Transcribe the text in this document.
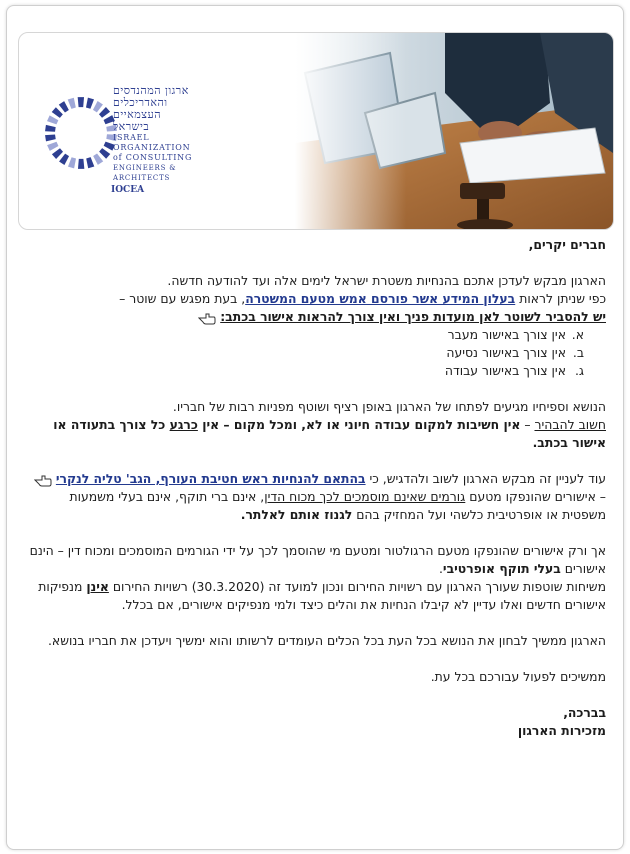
ארגון המהנדסים
והאדריכלים
העצמאיים
בישראל
ISRAEL
ORGANIZATION
of CONSULTING
ENGINEERS & ARCHITECTS
IOCEA

חברים יקרים,

הארגון מבקש לעדכן אתכם בהנחיות משטרת ישראל לימים אלה ועד להודעה חדשה.

כפי שניתן לראות בעלון המידע אשר פורסם אמש מטעם המשטרה, בעת מפגש עם שוטר –

יש להסביר לשוטר לאן מועדות פניך ואין צורך להראות אישור בכתב:

א.אין צורך באישור מעבר
ב.אין צורך באישור נסיעה
ג.אין צורך באישור עבודה

הנושא וספיחיו מגיעים לפתחו של הארגון באופן רציף ושוטף מפניות רבות של חבריו.

חשוב להבהיר – אין חשיבות למקום עבודה חיוני או לא, ומכל מקום – אין כרגע כל צורך בתעודה או אישור בכתב.

עוד לעניין זה מבקש הארגון לשוב ולהדגיש, כי בהתאם להנחיות ראש חטיבת העורף, הגב' טליה לנקרי  – אישורים שהונפקו מטעם גורמים שאינם מוסמכים לכך מכוח הדין, אינם ברי תוקף, אינם בעלי משמעות משפטית או אופרטיבית כלשהי ועל המחזיק בהם לגנוז אותם לאלתר.

אך ורק אישורים שהונפקו מטעם הרגולטור ומטעם מי שהוסמך לכך על ידי הגורמים המוסמכים ומכוח דין – הינם אישורים בעלי תוקף אופרטיבי.

משיחות שוטפות שעורך הארגון עם רשויות החירום ונכון למועד זה (30.3.2020) רשויות החירום אינן מנפיקות אישורים חדשים ואלו עדיין לא קיבלו הנחיות את והלים כיצד ולמי מנפיקים אישורים, אם בכלל.

הארגון ממשיך לבחון את הנושא בכל העת בכל הכלים העומדים לרשותו והוא ימשיך ויעדכן את חבריו בנושא.

ממשיכים לפעול עבורכם בכל עת.

בברכה,

מזכירות הארגון
